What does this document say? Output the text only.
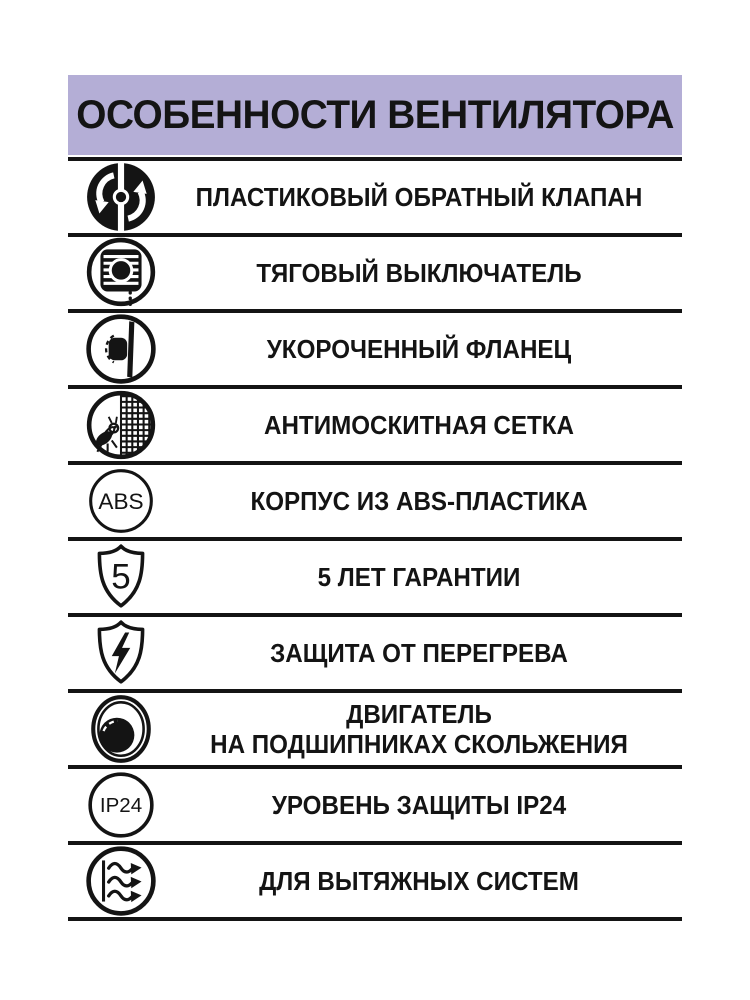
ОСОБЕННОСТИ ВЕНТИЛЯТОРА
ПЛАСТИКОВЫЙ ОБРАТНЫЙ КЛАПАН
ТЯГОВЫЙ ВЫКЛЮЧАТЕЛЬ
УКОРОЧЕННЫЙ ФЛАНЕЦ
АНТИМОСКИТНАЯ СЕТКА
ABS	КОРПУС ИЗ ABS-ПЛАСТИКА
5	5 ЛЕТ ГАРАНТИИ
ЗАЩИТА ОТ ПЕРЕГРЕВА
ДВИГАТЕЛЬ
НА ПОДШИПНИКАХ СКОЛЬЖЕНИЯ
IP24	УРОВЕНЬ ЗАЩИТЫ IP24
ДЛЯ ВЫТЯЖНЫХ СИСТЕМ
